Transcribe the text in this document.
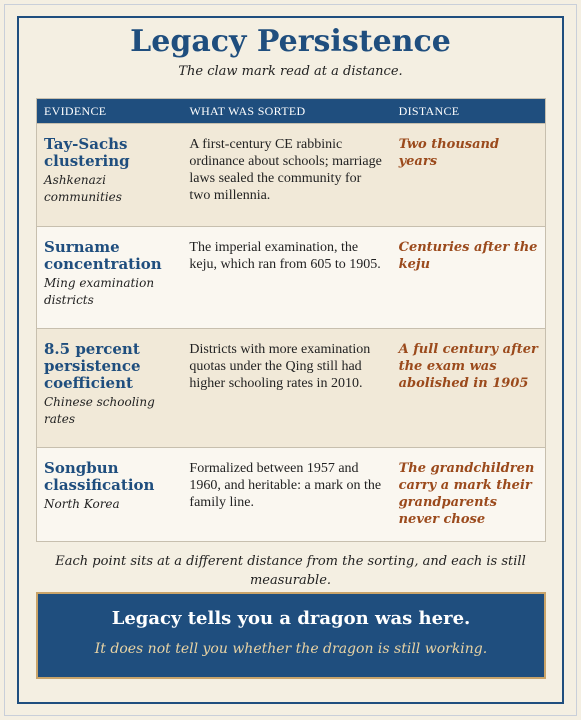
Legacy Persistence
The claw mark read at a distance.
EVIDENCE	WHAT WAS SORTED	DISTANCE
Tay-Sachs clustering
Ashkenazi communities
A first-century CE rabbinic ordinance about schools; marriage laws sealed the community for two millennia.
Two thousand years
Surname concentration
Ming examination districts
The imperial examination, the keju, which ran from 605 to 1905.
Centuries after the keju
8.5 percent persistence coefficient
Chinese schooling rates
Districts with more examination quotas under the Qing still had higher schooling rates in 2010.
A full century after the exam was abolished in 1905
Songbun classification
North Korea
Formalized between 1957 and 1960, and heritable: a mark on the family line.
The grandchildren carry a mark their grandparents never chose
Each point sits at a different distance from the sorting, and each is still measurable.
Legacy tells you a dragon was here.
It does not tell you whether the dragon is still working.
